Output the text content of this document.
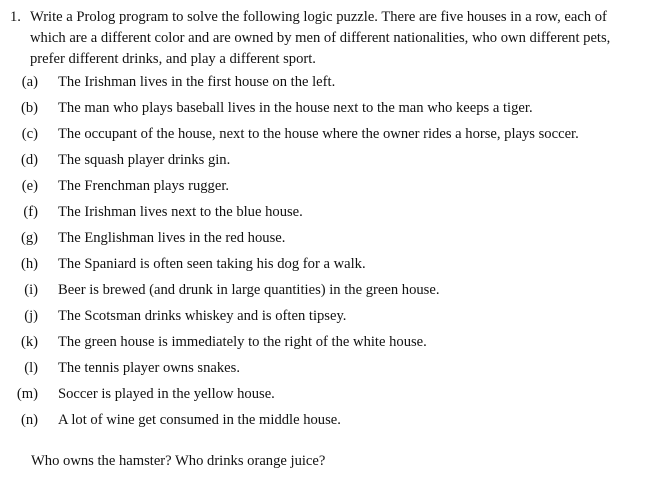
1. Write a Prolog program to solve the following logic puzzle. There are five houses in a row, each of which are a different color and are owned by men of different nationalities, who own different pets, prefer different drinks, and play a different sport.
(a) The Irishman lives in the first house on the left.
(b) The man who plays baseball lives in the house next to the man who keeps a tiger.
(c) The occupant of the house, next to the house where the owner rides a horse, plays soccer.
(d) The squash player drinks gin.
(e) The Frenchman plays rugger.
(f) The Irishman lives next to the blue house.
(g) The Englishman lives in the red house.
(h) The Spaniard is often seen taking his dog for a walk.
(i) Beer is brewed (and drunk in large quantities) in the green house.
(j) The Scotsman drinks whiskey and is often tipsey.
(k) The green house is immediately to the right of the white house.
(l) The tennis player owns snakes.
(m) Soccer is played in the yellow house.
(n) A lot of wine get consumed in the middle house.
Who owns the hamster? Who drinks orange juice?
